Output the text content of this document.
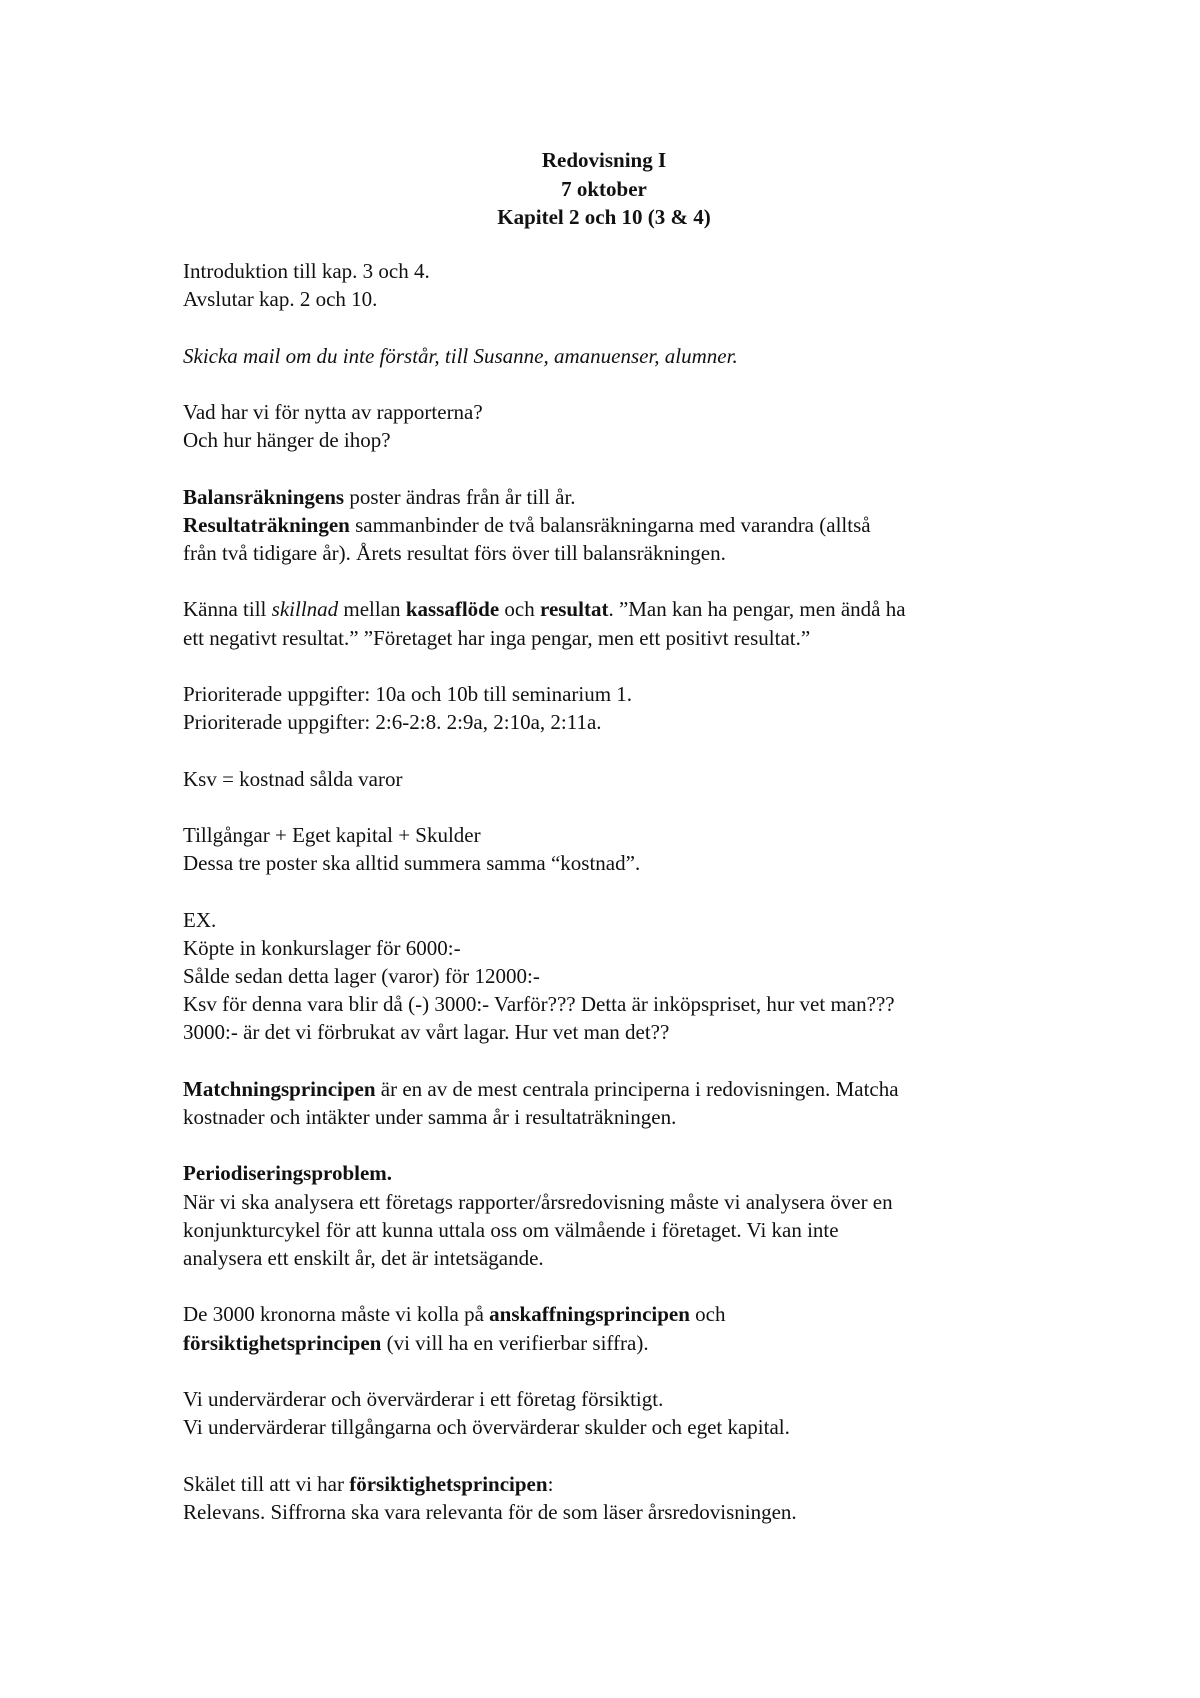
Redovisning I
7 oktober
Kapitel 2 och 10 (3 & 4)

Introduktion till kap. 3 och 4.
Avslutar kap. 2 och 10.

Skicka mail om du inte förstår, till Susanne, amanuenser, alumner.

Vad har vi för nytta av rapporterna?
Och hur hänger de ihop?

Balansräkningens poster ändras från år till år.
Resultaträkningen sammanbinder de två balansräkningarna med varandra (alltså
från två tidigare år). Årets resultat förs över till balansräkningen.

Känna till skillnad mellan kassaflöde och resultat. ”Man kan ha pengar, men ändå ha
ett negativt resultat.” ”Företaget har inga pengar, men ett positivt resultat.”

Prioriterade uppgifter: 10a och 10b till seminarium 1.
Prioriterade uppgifter: 2:6-2:8. 2:9a, 2:10a, 2:11a.

Ksv = kostnad sålda varor

Tillgångar + Eget kapital + Skulder
Dessa tre poster ska alltid summera samma “kostnad”.

EX.
Köpte in konkurslager för 6000:-
Sålde sedan detta lager (varor) för 12000:-
Ksv för denna vara blir då (-) 3000:- Varför??? Detta är inköpspriset, hur vet man???
3000:- är det vi förbrukat av vårt lagar. Hur vet man det??

Matchningsprincipen är en av de mest centrala principerna i redovisningen. Matcha
kostnader och intäkter under samma år i resultaträkningen.

Periodiseringsproblem.
När vi ska analysera ett företags rapporter/årsredovisning måste vi analysera över en
konjunkturcykel för att kunna uttala oss om välmående i företaget. Vi kan inte
analysera ett enskilt år, det är intetsägande.

De 3000 kronorna måste vi kolla på anskaffningsprincipen och
försiktighetsprincipen (vi vill ha en verifierbar siffra).

Vi undervärderar och övervärderar i ett företag försiktigt.
Vi undervärderar tillgångarna och övervärderar skulder och eget kapital.

Skälet till att vi har försiktighetsprincipen:
Relevans. Siffrorna ska vara relevanta för de som läser årsredovisningen.
